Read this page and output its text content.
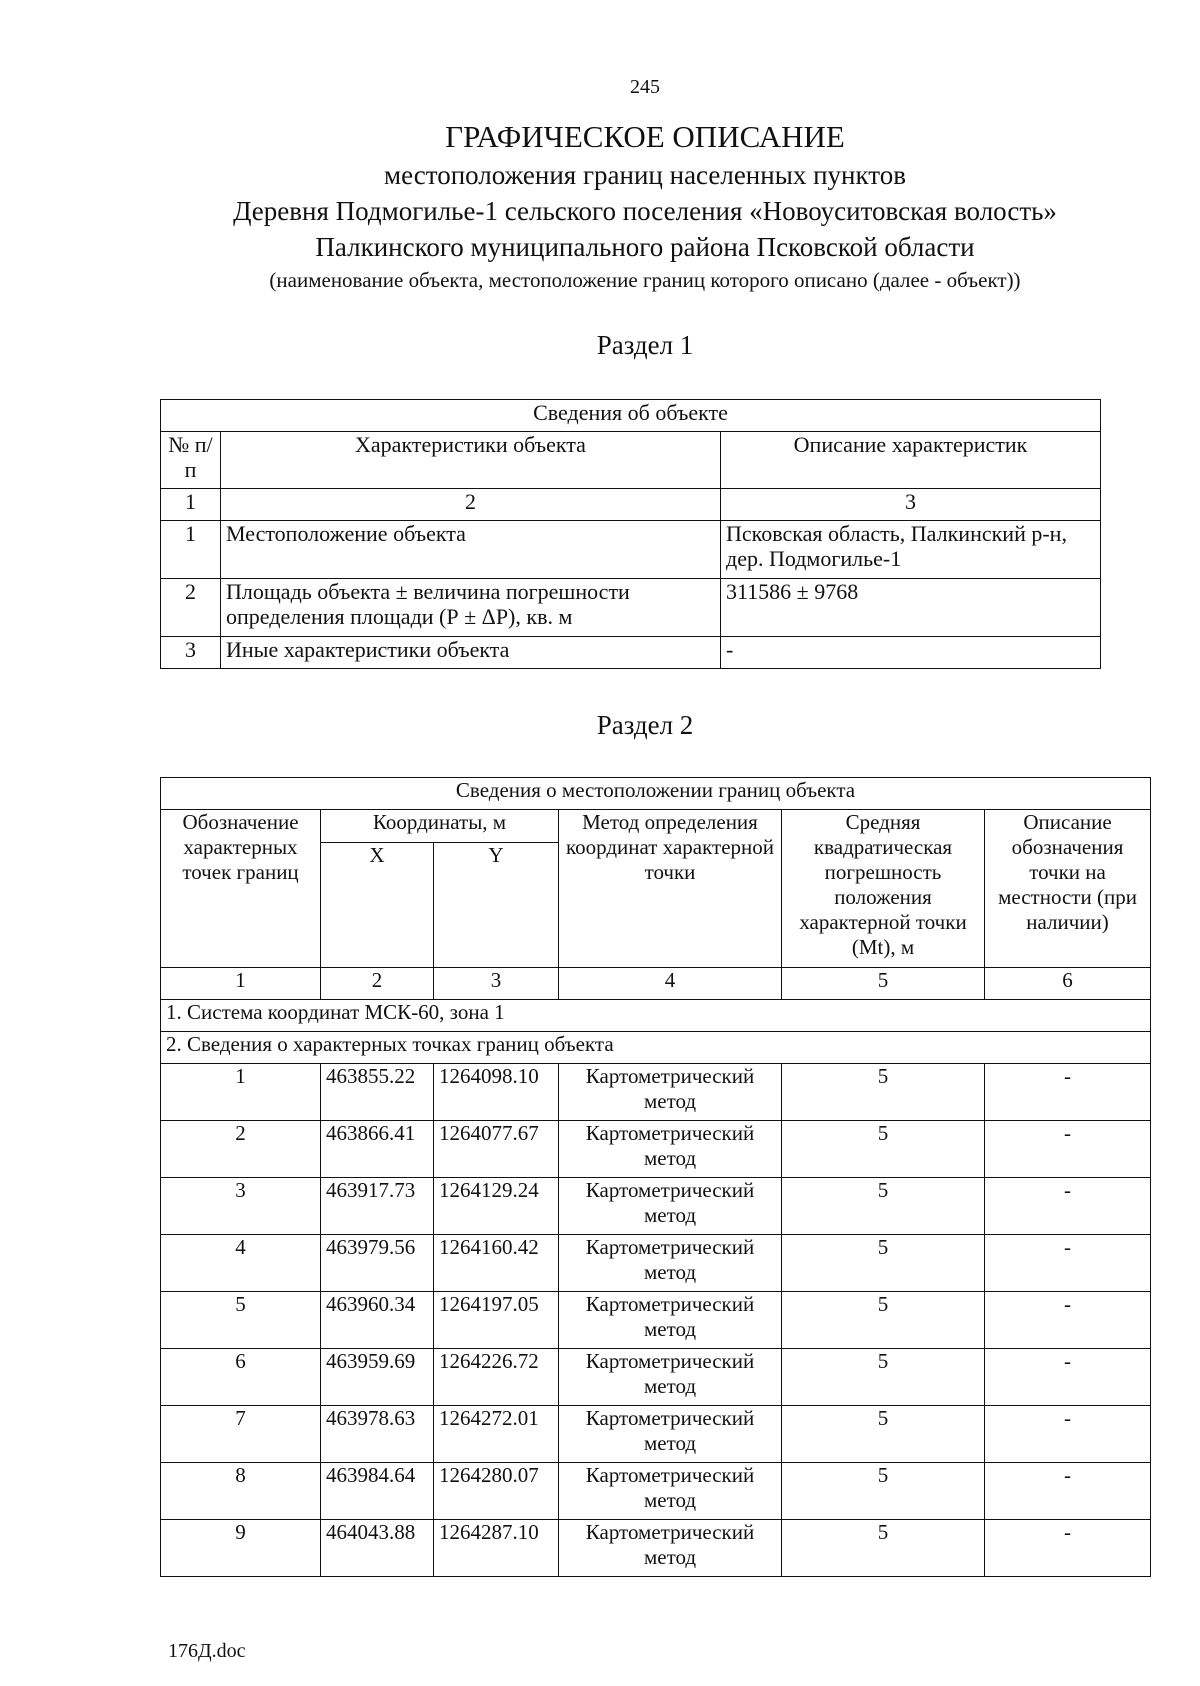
245
ГРАФИЧЕСКОЕ ОПИСАНИЕ
местоположения границ населенных пунктов
Деревня Подмогилье-1 сельского поселения «Новоуситовская волость»
Палкинского муниципального района Псковской области
(наименование объекта, местоположение границ которого описано (далее - объект))
Раздел 1
Сведения об объекте		
№ п/п	Характеристики объекта	Описание характеристик
1	2	3
1	Местоположение объекта	Псковская область, Палкинский р-н, дер. Подмогилье-1
2	Площадь объекта ± величина погрешности определения площади (Р ± ΔР), кв. м	311586 ± 9768
3	Иные характеристики объекта	-
Раздел 2
Сведения о местоположении границ объекта					
Обозначение характерных точек границ	Координаты, м		Метод определения координат характерной точки	Средняя квадратическая погрешность положения характерной точки (Mt), м	Описание обозначения точки на местности (при наличии)
	X	Y			
1	2	3	4	5	6
1. Система координат МСК-60, зона 1					
2. Сведения о характерных точках границ объекта					
1	463855.22	1264098.10	Картометрический метод	5	-
2	463866.41	1264077.67	Картометрический метод	5	-
3	463917.73	1264129.24	Картометрический метод	5	-
4	463979.56	1264160.42	Картометрический метод	5	-
5	463960.34	1264197.05	Картометрический метод	5	-
6	463959.69	1264226.72	Картометрический метод	5	-
7	463978.63	1264272.01	Картометрический метод	5	-
8	463984.64	1264280.07	Картометрический метод	5	-
9	464043.88	1264287.10	Картометрический метод	5	-
176Д.doc
